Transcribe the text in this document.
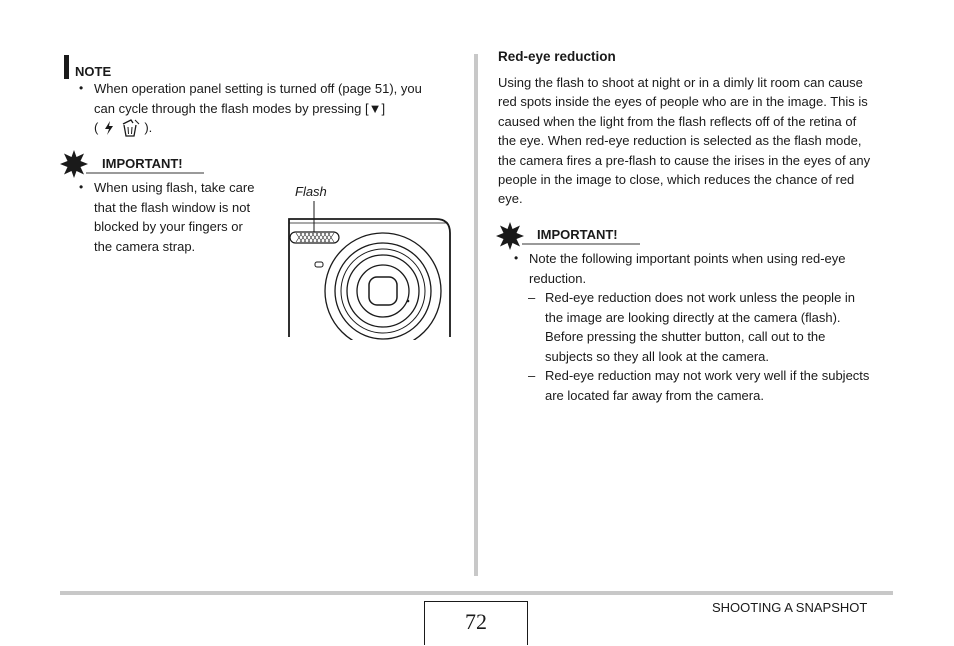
NOTE
• When operation panel setting is turned off (page 51), you
can cycle through the flash modes by pressing [▼]
(	).
IMPORTANT!
• When using flash, take care
that the flash window is not
blocked by your fingers or
the camera strap.
Flash
Red-eye reduction
Using the flash to shoot at night or in a dimly lit room can cause
red spots inside the eyes of people who are in the image. This is
caused when the light from the flash reflects off of the retina of
the eye. When red-eye reduction is selected as the flash mode,
the camera fires a pre-flash to cause the irises in the eyes of any
people in the image to close, which reduces the chance of red
eye.
IMPORTANT!
• Note the following important points when using red-eye
reduction.
– Red-eye reduction does not work unless the people in
the image are looking directly at the camera (flash).
Before pressing the shutter button, call out to the
subjects so they all look at the camera.
– Red-eye reduction may not work very well if the subjects
are located far away from the camera.
72
SHOOTING A SNAPSHOT
